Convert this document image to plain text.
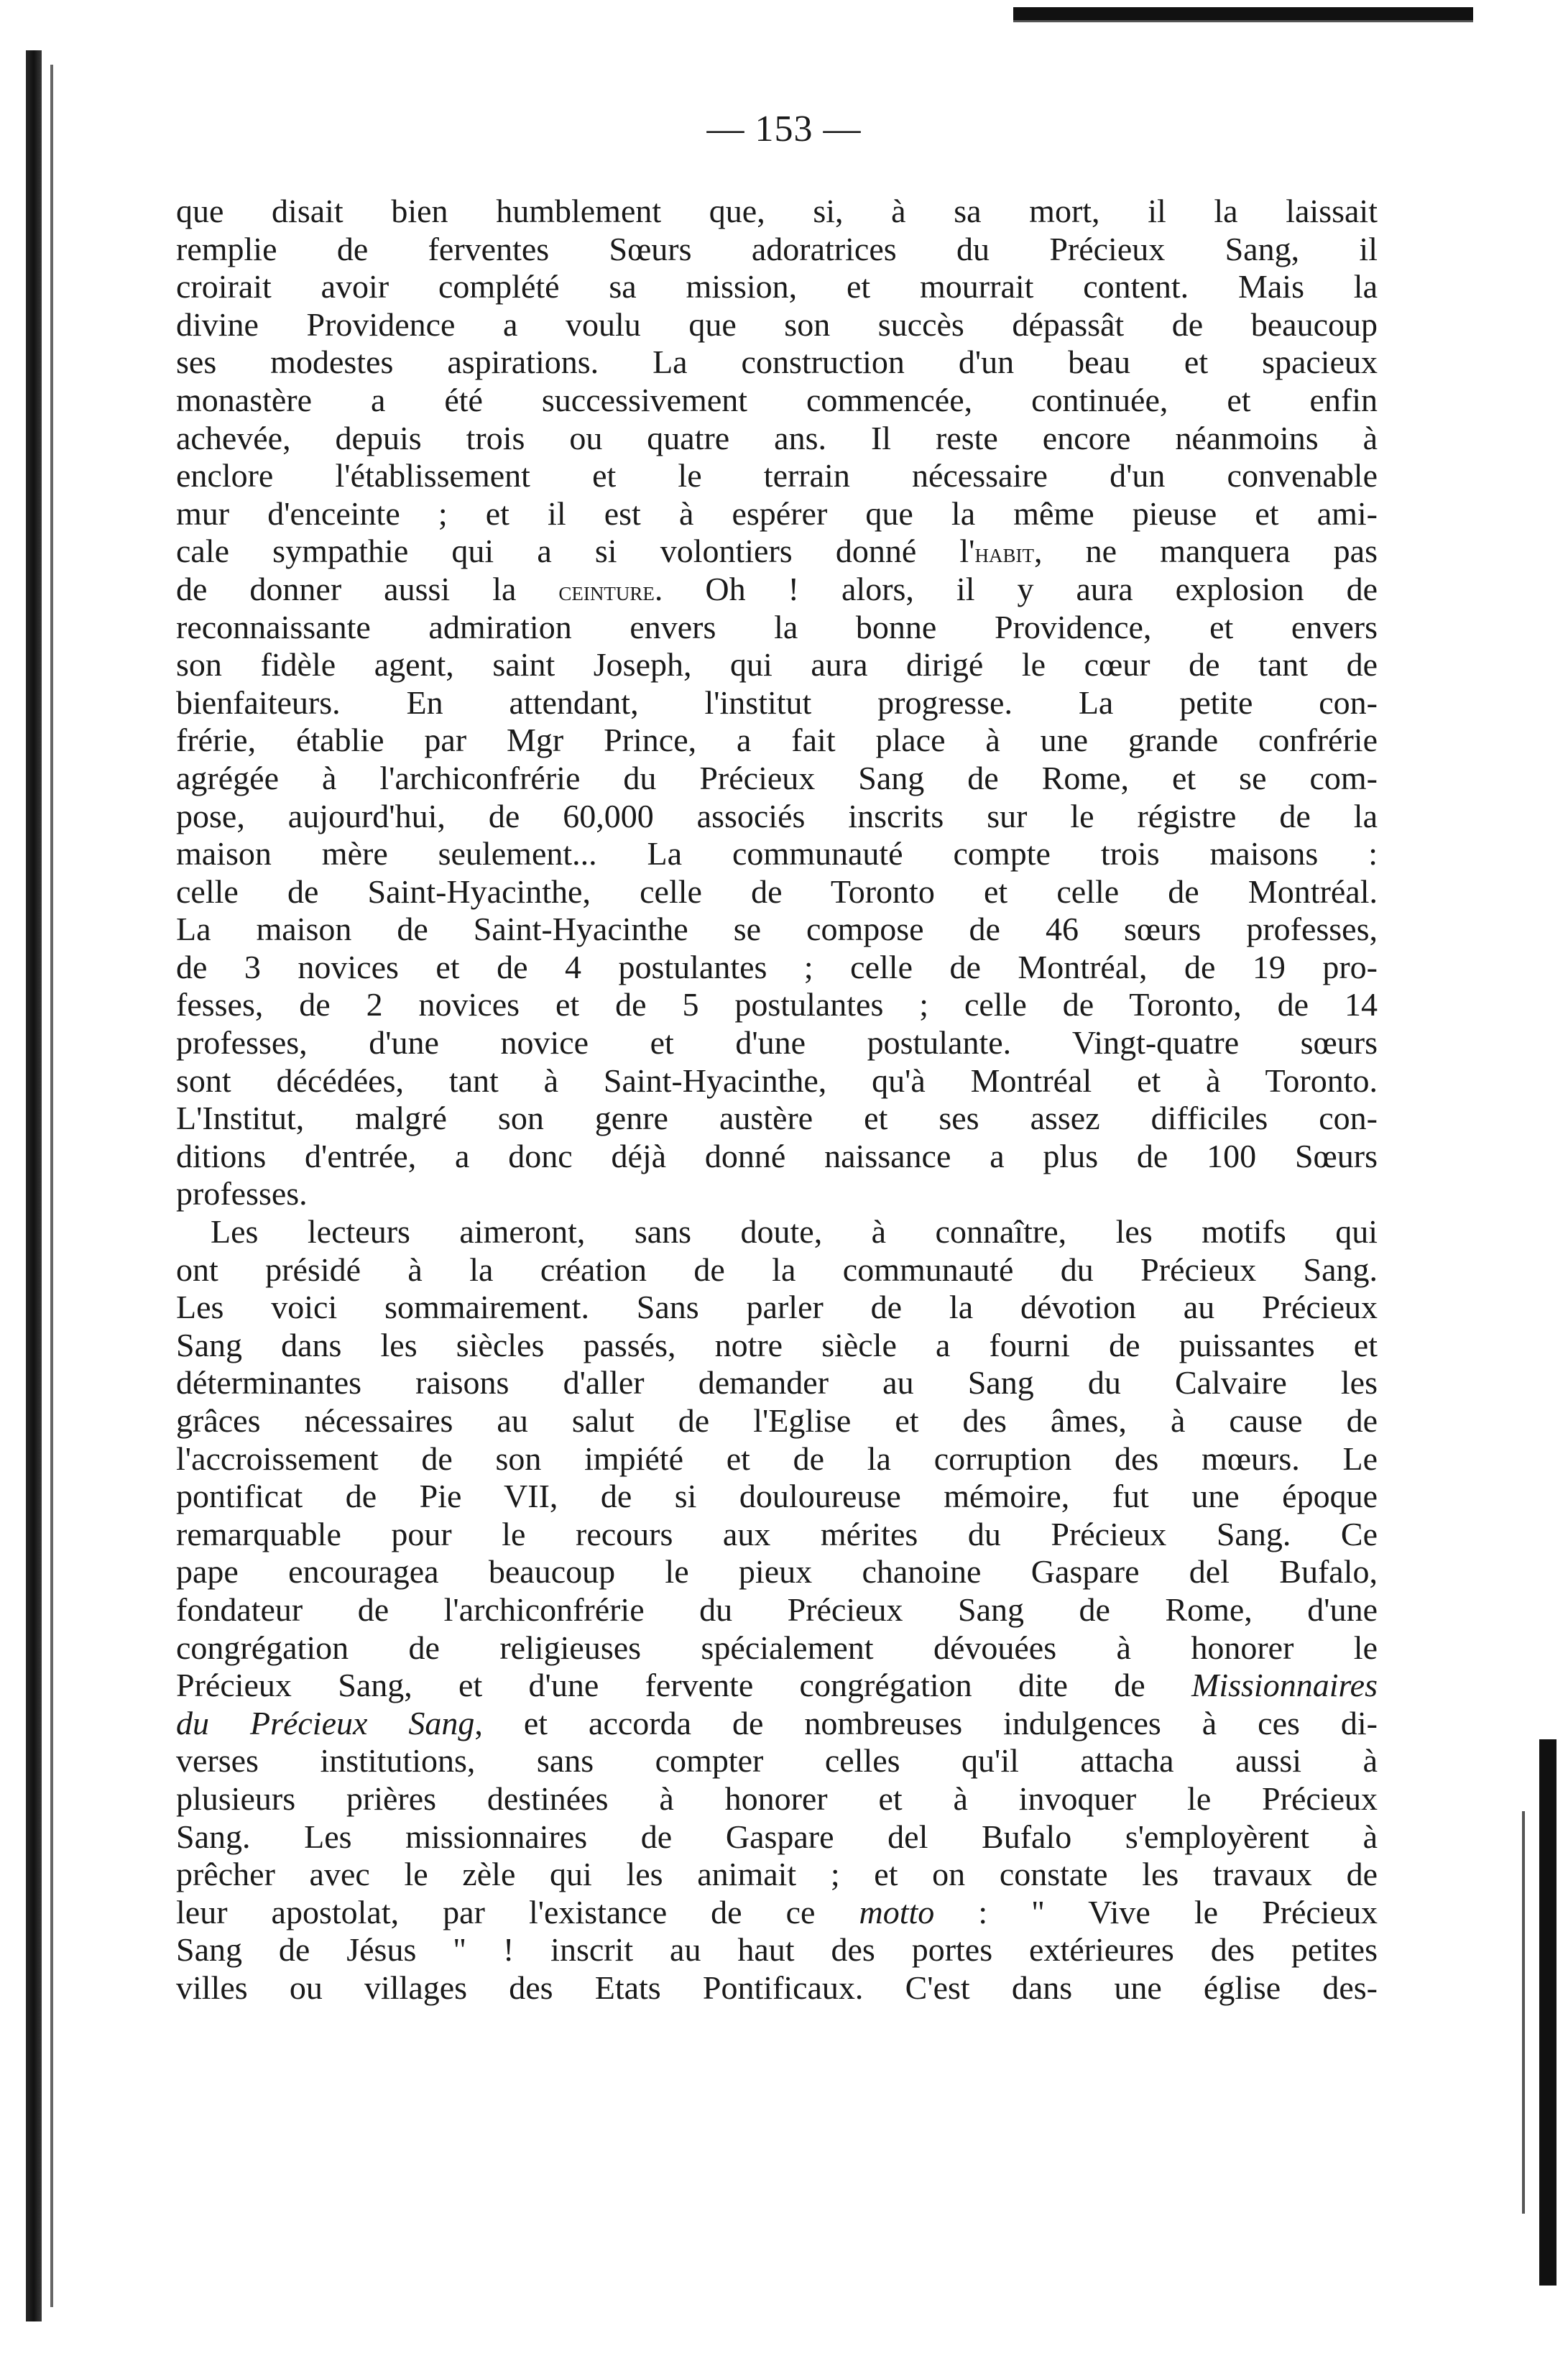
— 153 —
que disait bien humblement que, si, à sa mort, il la laissait
remplie de ferventes Sœurs adoratrices du Précieux Sang, il
croirait avoir complété sa mission, et mourrait content. Mais la
divine Providence a voulu que son succès dépassât de beaucoup
ses modestes aspirations. La construction d'un beau et spacieux
monastère a été successivement commencée, continuée, et enfin
achevée, depuis trois ou quatre ans. Il reste encore néanmoins à
enclore l'établissement et le terrain nécessaire d'un convenable
mur d'enceinte ; et il est à espérer que la même pieuse et ami-
cale sympathie qui a si volontiers donné l'habit, ne manquera pas
de donner aussi la ceinture. Oh ! alors, il y aura explosion de
reconnaissante admiration envers la bonne Providence, et envers
son fidèle agent, saint Joseph, qui aura dirigé le cœur de tant de
bienfaiteurs. En attendant, l'institut progresse. La petite con-
frérie, établie par Mgr Prince, a fait place à une grande confrérie
agrégée à l'archiconfrérie du Précieux Sang de Rome, et se com-
pose, aujourd'hui, de 60,000 associés inscrits sur le régistre de la
maison mère seulement... La communauté compte trois maisons :
celle de Saint-Hyacinthe, celle de Toronto et celle de Montréal.
La maison de Saint-Hyacinthe se compose de 46 sœurs professes,
de 3 novices et de 4 postulantes ; celle de Montréal, de 19 pro-
fesses, de 2 novices et de 5 postulantes ; celle de Toronto, de 14
professes, d'une novice et d'une postulante. Vingt-quatre sœurs
sont décédées, tant à Saint-Hyacinthe, qu'à Montréal et à Toronto.
L'Institut, malgré son genre austère et ses assez difficiles con-
ditions d'entrée, a donc déjà donné naissance a plus de 100 Sœurs
professes.
Les lecteurs aimeront, sans doute, à connaître, les motifs qui
ont présidé à la création de la communauté du Précieux Sang.
Les voici sommairement. Sans parler de la dévotion au Précieux
Sang dans les siècles passés, notre siècle a fourni de puissantes et
déterminantes raisons d'aller demander au Sang du Calvaire les
grâces nécessaires au salut de l'Eglise et des âmes, à cause de
l'accroissement de son impiété et de la corruption des mœurs. Le
pontificat de Pie VII, de si douloureuse mémoire, fut une époque
remarquable pour le recours aux mérites du Précieux Sang. Ce
pape encouragea beaucoup le pieux chanoine Gaspare del Bufalo,
fondateur de l'archiconfrérie du Précieux Sang de Rome, d'une
congrégation de religieuses spécialement dévouées à honorer le
Précieux Sang, et d'une fervente congrégation dite de Missionnaires
du Précieux Sang, et accorda de nombreuses indulgences à ces di-
verses institutions, sans compter celles qu'il attacha aussi à
plusieurs prières destinées à honorer et à invoquer le Précieux
Sang. Les missionnaires de Gaspare del Bufalo s'employèrent à
prêcher avec le zèle qui les animait ; et on constate les travaux de
leur apostolat, par l'existance de ce motto : " Vive le Précieux
Sang de Jésus " ! inscrit au haut des portes extérieures des petites
villes ou villages des Etats Pontificaux. C'est dans une église des-
